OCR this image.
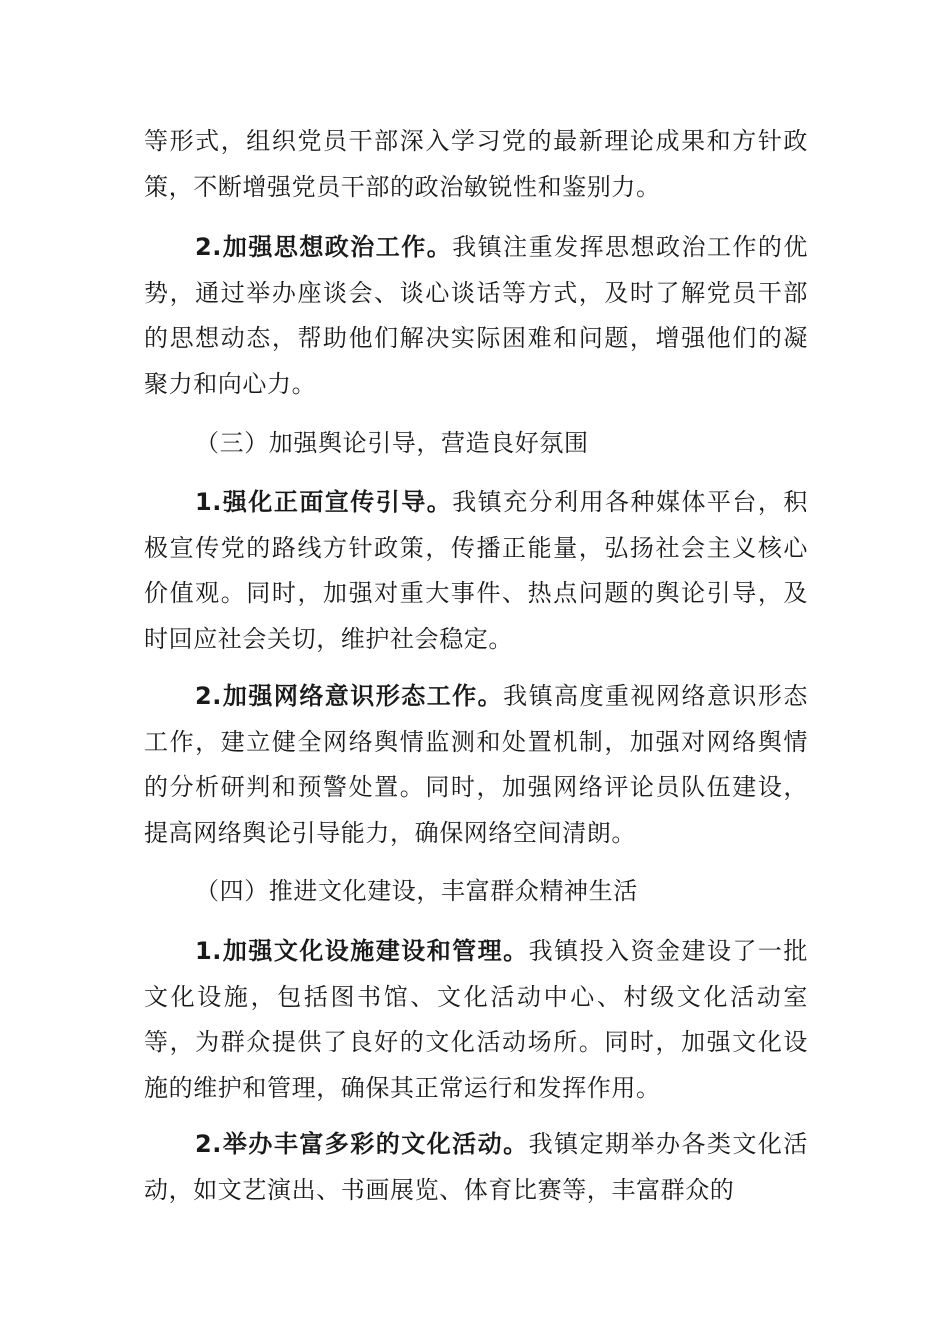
等形式，组织党员干部深入学习党的最新理论成果和方针政策，不断增强党员干部的政治敏锐性和鉴别力。

2.加强思想政治工作。我镇注重发挥思想政治工作的优势，通过举办座谈会、谈心谈话等方式，及时了解党员干部的思想动态，帮助他们解决实际困难和问题，增强他们的凝聚力和向心力。

（三）加强舆论引导，营造良好氛围

1.强化正面宣传引导。我镇充分利用各种媒体平台，积极宣传党的路线方针政策，传播正能量，弘扬社会主义核心价值观。同时，加强对重大事件、热点问题的舆论引导，及时回应社会关切，维护社会稳定。

2.加强网络意识形态工作。我镇高度重视网络意识形态工作，建立健全网络舆情监测和处置机制，加强对网络舆情的分析研判和预警处置。同时，加强网络评论员队伍建设，提高网络舆论引导能力，确保网络空间清朗。

（四）推进文化建设，丰富群众精神生活

1.加强文化设施建设和管理。我镇投入资金建设了一批文化设施，包括图书馆、文化活动中心、村级文化活动室等，为群众提供了良好的文化活动场所。同时，加强文化设施的维护和管理，确保其正常运行和发挥作用。

2.举办丰富多彩的文化活动。我镇定期举办各类文化活动，如文艺演出、书画展览、体育比赛等，丰富群众的
